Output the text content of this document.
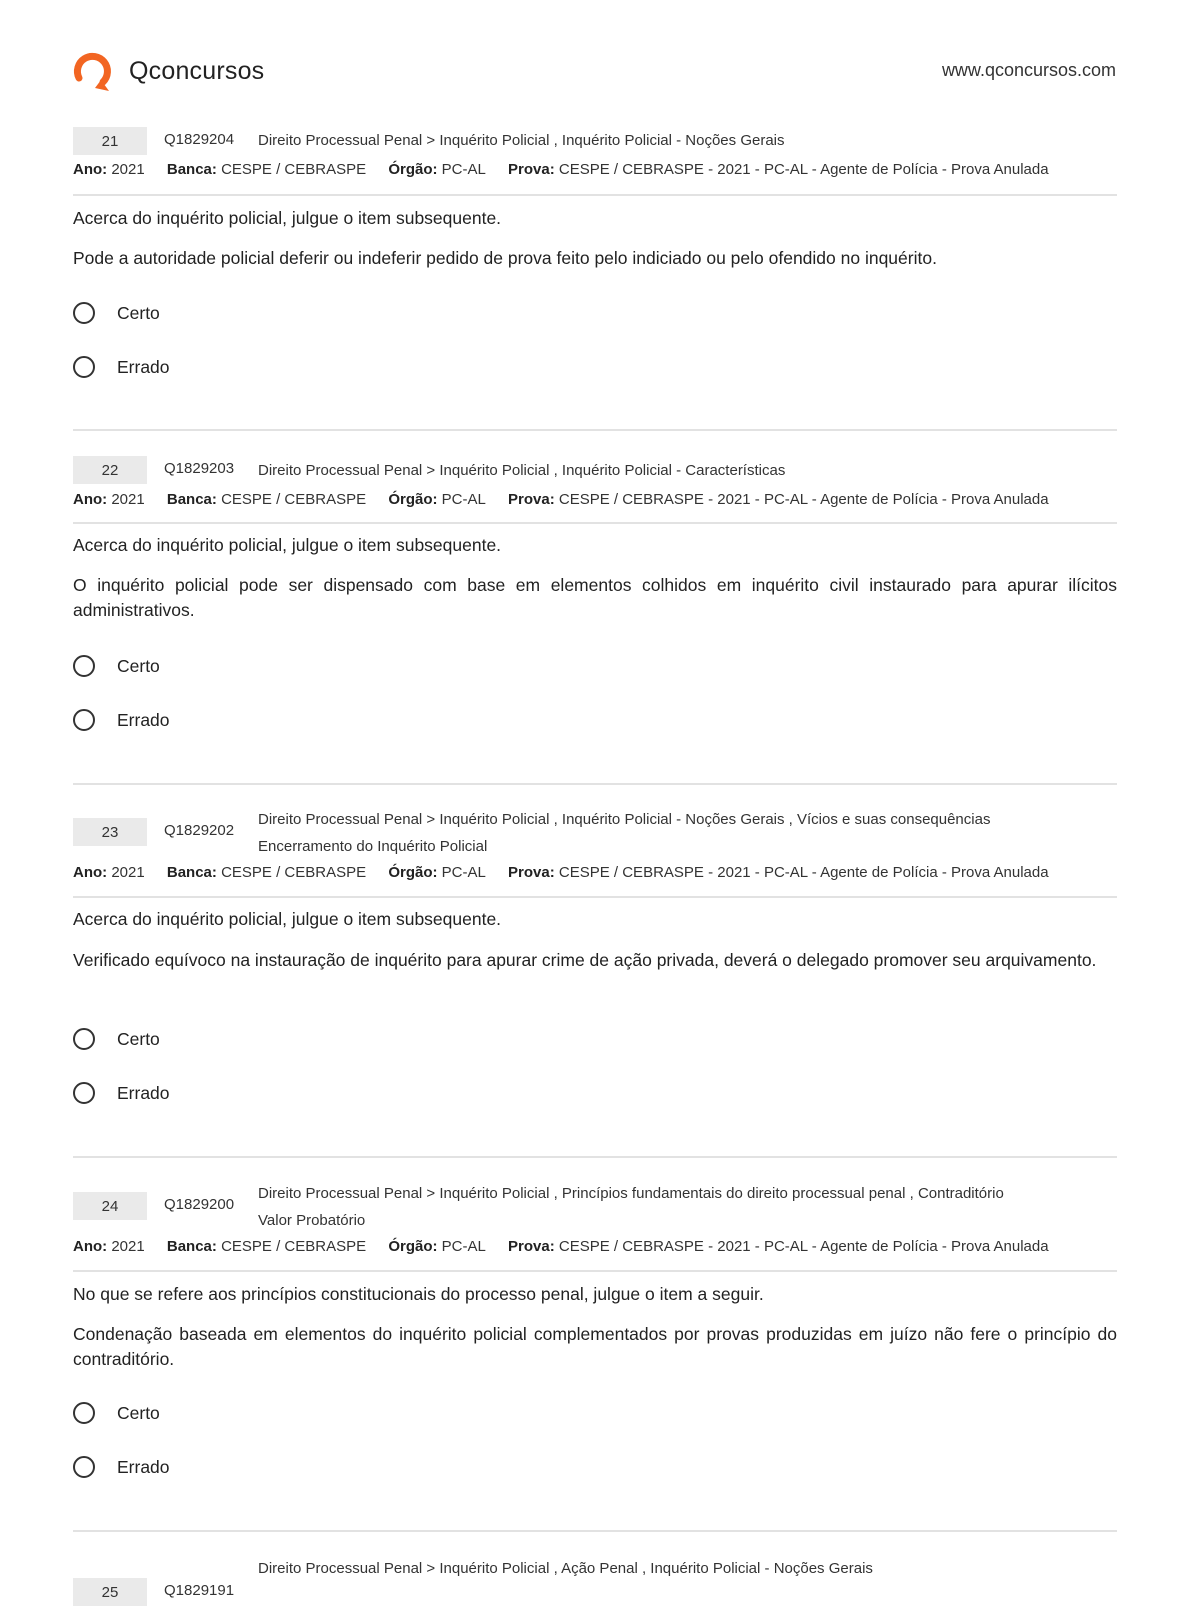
Qconcursos	www.qconcursos.com
21	Q1829204 Direito Processual Penal > Inquérito Policial , Inquérito Policial - Noções Gerais
Ano: 2021 Banca: CESPE / CEBRASPE Órgão: PC-AL Prova: CESPE / CEBRASPE - 2021 - PC-AL - Agente de Polícia - Prova Anulada
Acerca do inquérito policial, julgue o item subsequente.
Pode a autoridade policial deferir ou indeferir pedido de prova feito pelo indiciado ou pelo ofendido no inquérito.
Certo
Errado
22	Q1829203 Direito Processual Penal > Inquérito Policial , Inquérito Policial - Características
Ano: 2021 Banca: CESPE / CEBRASPE Órgão: PC-AL Prova: CESPE / CEBRASPE - 2021 - PC-AL - Agente de Polícia - Prova Anulada
Acerca do inquérito policial, julgue o item subsequente.
O inquérito policial pode ser dispensado com base em elementos colhidos em inquérito civil instaurado para apurar ilícitos administrativos.
Certo
Errado
23	Q1829202
Direito Processual Penal > Inquérito Policial , Inquérito Policial - Noções Gerais , Vícios e suas consequências
Encerramento do Inquérito Policial
Ano: 2021 Banca: CESPE / CEBRASPE Órgão: PC-AL Prova: CESPE / CEBRASPE - 2021 - PC-AL - Agente de Polícia - Prova Anulada
Acerca do inquérito policial, julgue o item subsequente.
Verificado equívoco na instauração de inquérito para apurar crime de ação privada, deverá o delegado promover seu arquivamento.
Certo
Errado
24	Q1829200
Direito Processual Penal > Inquérito Policial , Princípios fundamentais do direito processual penal , Contraditório
Valor Probatório
Ano: 2021 Banca: CESPE / CEBRASPE Órgão: PC-AL Prova: CESPE / CEBRASPE - 2021 - PC-AL - Agente de Polícia - Prova Anulada
No que se refere aos princípios constitucionais do processo penal, julgue o item a seguir.
Condenação baseada em elementos do inquérito policial complementados por provas produzidas em juízo não fere o princípio do contraditório.
Certo
Errado
25	Q1829191
Direito Processual Penal > Inquérito Policial , Ação Penal , Inquérito Policial - Noções Gerais
